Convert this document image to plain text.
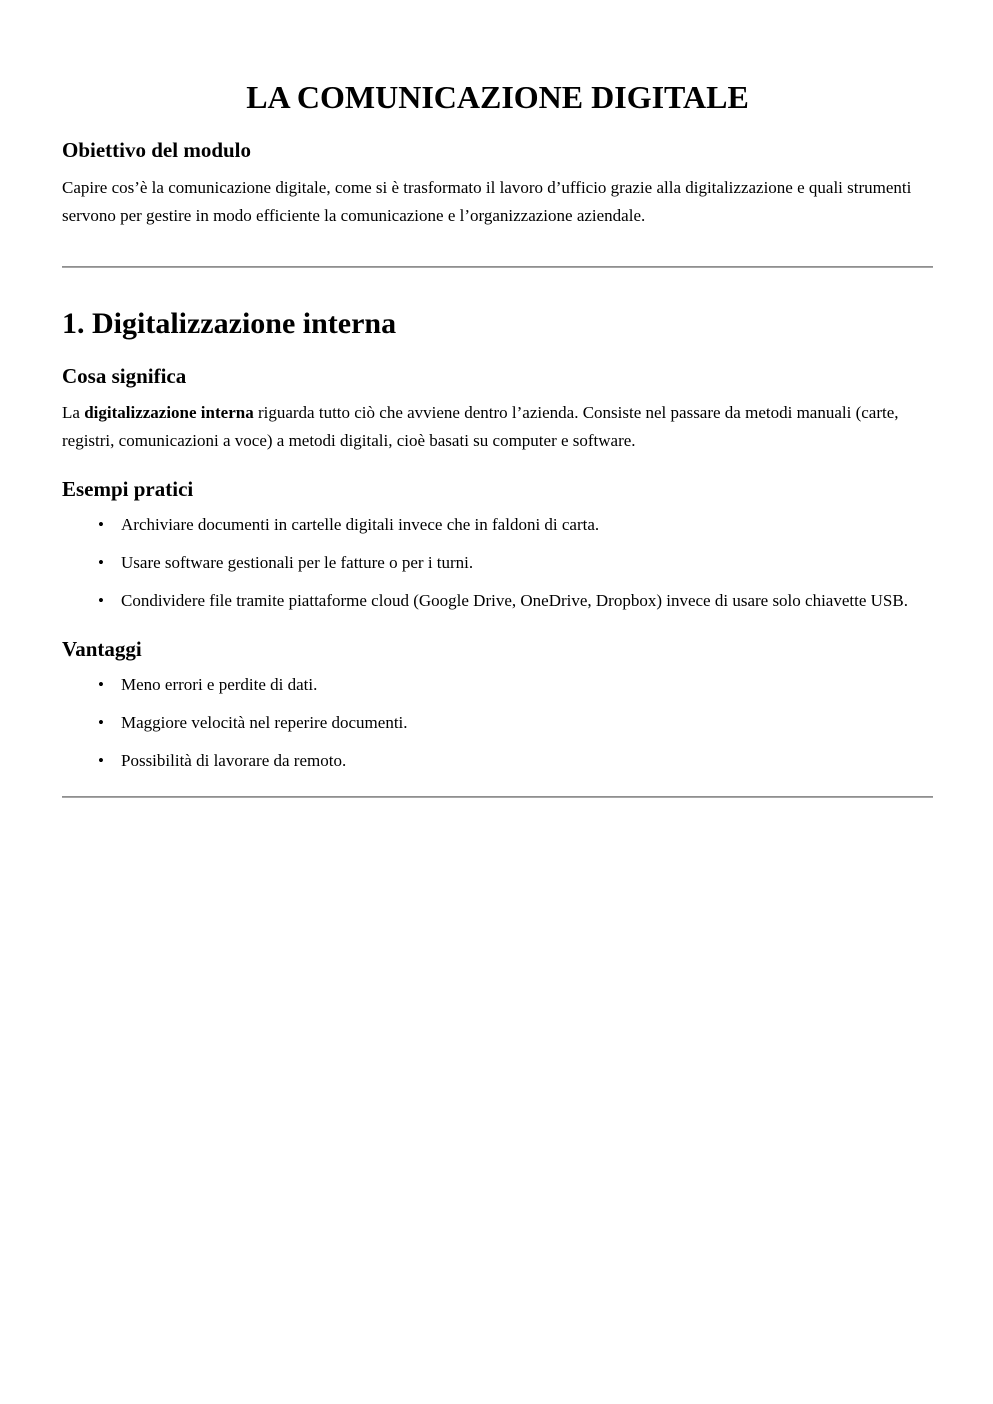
LA COMUNICAZIONE DIGITALE
Obiettivo del modulo

Capire cos’è la comunicazione digitale, come si è trasformato il lavoro d’ufficio grazie alla digitalizzazione e quali strumenti servono per gestire in modo efficiente la comunicazione e l’organizzazione aziendale.

1. Digitalizzazione interna
Cosa significa

La digitalizzazione interna riguarda tutto ciò che avviene dentro l’azienda. Consiste nel passare da metodi manuali (carte, registri, comunicazioni a voce) a metodi digitali, cioè basati su computer e software.

Esempi pratici
• Archiviare documenti in cartelle digitali invece che in faldoni di carta.
• Usare software gestionali per le fatture o per i turni.
• Condividere file tramite piattaforme cloud (Google Drive, OneDrive, Dropbox) invece di usare solo chiavette USB.
Vantaggi
• Meno errori e perdite di dati.
• Maggiore velocità nel reperire documenti.
• Possibilità di lavorare da remoto.
